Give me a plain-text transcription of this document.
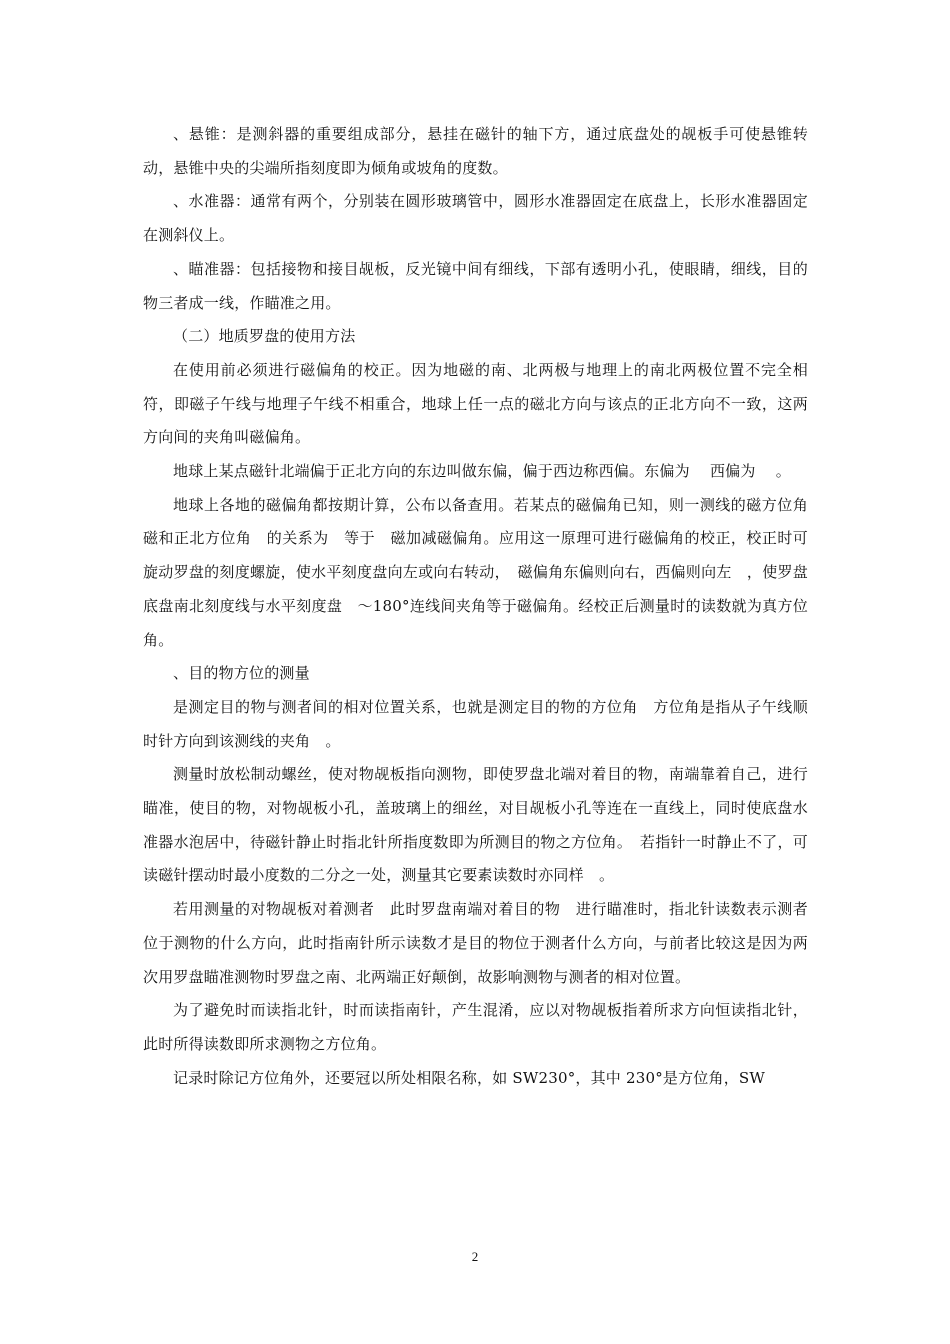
、悬锥：是测斜器的重要组成部分，悬挂在磁针的轴下方，通过底盘处的觇板手可使悬锥转动，悬锥中央的尖端所指刻度即为倾角或坡角的度数。

、水准器：通常有两个，分别装在圆形玻璃管中，圆形水准器固定在底盘上，长形水准器固定在测斜仪上。

、瞄准器：包括接物和接目觇板，反光镜中间有细线，下部有透明小孔，使眼睛，细线，目的物三者成一线，作瞄准之用。

（二）地质罗盘的使用方法

在使用前必须进行磁偏角的校正。因为地磁的南、北两极与地理上的南北两极位置不完全相符，即磁子午线与地理子午线不相重合，地球上任一点的磁北方向与该点的正北方向不一致，这两方向间的夹角叫磁偏角。

地球上某点磁针北端偏于正北方向的东边叫做东偏，偏于西边称西偏。东偏为　 西偏为　 。

地球上各地的磁偏角都按期计算，公布以备查用。若某点的磁偏角已知，则一测线的磁方位角　磁和正北方位角　的关系为　等于　磁加减磁偏角。应用这一原理可进行磁偏角的校正，校正时可旋动罗盘的刻度螺旋，使水平刻度盘向左或向右转动，　磁偏角东偏则向右，西偏则向左　，使罗盘底盘南北刻度线与水平刻度盘　～180°连线间夹角等于磁偏角。经校正后测量时的读数就为真方位角。

、目的物方位的测量

是测定目的物与测者间的相对位置关系，也就是测定目的物的方位角　方位角是指从子午线顺时针方向到该测线的夹角　。

测量时放松制动螺丝，使对物觇板指向测物，即使罗盘北端对着目的物，南端靠着自己，进行瞄准，使目的物，对物觇板小孔，盖玻璃上的细丝，对目觇板小孔等连在一直线上，同时使底盘水准器水泡居中，待磁针静止时指北针所指度数即为所测目的物之方位角。　若指针一时静止不了，可读磁针摆动时最小度数的二分之一处，测量其它要素读数时亦同样　。

若用测量的对物觇板对着测者　此时罗盘南端对着目的物　进行瞄准时，指北针读数表示测者位于测物的什么方向，此时指南针所示读数才是目的物位于测者什么方向，与前者比较这是因为两次用罗盘瞄准测物时罗盘之南、北两端正好颠倒，故影响测物与测者的相对位置。

为了避免时而读指北针，时而读指南针，产生混淆，应以对物觇板指着所求方向恒读指北针，此时所得读数即所求测物之方位角。

记录时除记方位角外，还要冠以所处相限名称，如 SW230°，其中 230°是方位角，SW

2
